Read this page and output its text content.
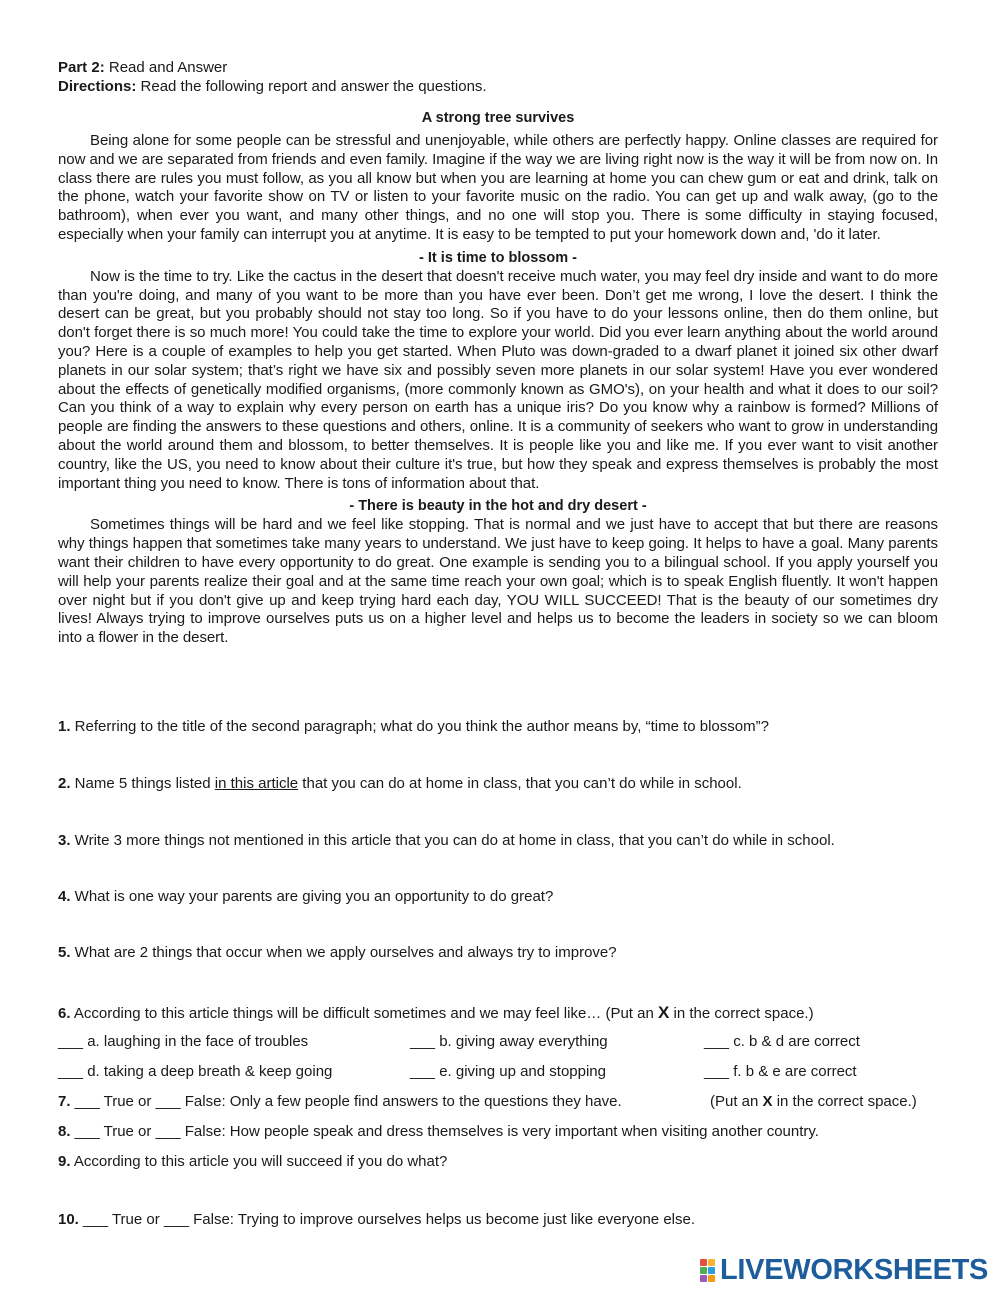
Part 2: Read and Answer

Directions: Read the following report and answer the questions.

A strong tree survives

Being alone for some people can be stressful and unenjoyable, while others are perfectly happy. Online classes are required for now and we are separated from friends and even family. Imagine if the way we are living right now is the way it will be from now on. In class there are rules you must follow, as you all know but when you are learning at home you can chew gum or eat and drink, talk on the phone, watch your favorite show on TV or listen to your favorite music on the radio. You can get up and walk away, (go to the bathroom), when ever you want, and many other things, and no one will stop you. There is some difficulty in staying focused, especially when your family can interrupt you at anytime. It is easy to be tempted to put your homework down and, 'do it later.

- It is time to blossom -

Now is the time to try. Like the cactus in the desert that doesn't receive much water, you may feel dry inside and want to do more than you're doing, and many of you want to be more than you have ever been. Don’t get me wrong, I love the desert. I think the desert can be great, but you probably should not stay too long. So if you have to do your lessons online, then do them online, but don't forget there is so much more! You could take the time to explore your world. Did you ever learn anything about the world around you? Here is a couple of examples to help you get started. When Pluto was down-graded to a dwarf planet it joined six other dwarf planets in our solar system; that’s right we have six and possibly seven more planets in our solar system! Have you ever wondered about the effects of genetically modified organisms, (more commonly known as GMO's), on your health and what it does to our soil? Can you think of a way to explain why every person on earth has a unique iris? Do you know why a rainbow is formed? Millions of people are finding the answers to these questions and others, online. It is a community of seekers who want to grow in understanding about the world around them and blossom, to better themselves. It is people like you and like me. If you ever want to visit another country, like the US, you need to know about their culture it's true, but how they speak and express themselves is probably the most important thing you need to know. There is tons of information about that.

- There is beauty in the hot and dry desert -

Sometimes things will be hard and we feel like stopping. That is normal and we just have to accept that but there are reasons why things happen that sometimes take many years to understand. We just have to keep going. It helps to have a goal. Many parents want their children to have every opportunity to do great. One example is sending you to a bilingual school. If you apply yourself you will help your parents realize their goal and at the same time reach your own goal; which is to speak English fluently. It won't happen over night but if you don't give up and keep trying hard each day, YOU WILL SUCCEED! That is the beauty of our sometimes dry lives! Always trying to improve ourselves puts us on a higher level and helps us to become the leaders in society so we can bloom into a flower in the desert.

1. Referring to the title of the second paragraph; what do you think the author means by, “time to blossom”?

2. Name 5 things listed in this article that you can do at home in class, that you can’t do while in school.

3. Write 3 more things not mentioned in this article that you can do at home in class, that you can’t do while in school.

4. What is one way your parents are giving you an opportunity to do great?

5. What are 2 things that occur when we apply ourselves and always try to improve?

6. According to this article things will be difficult sometimes and we may feel like… (Put an X in the correct space.)

___ a. laughing in the face of troubles	___ b. giving away everything	___ c. b & d are correct
___ d. taking a deep breath & keep going	___ e. giving up and stopping	___ f. b & e are correct

7. ___ True or ___ False: Only a few people find answers to the questions they have.	(Put an X in the correct space.)

8. ___ True or ___ False: How people speak and dress themselves is very important when visiting another country.

9. According to this article you will succeed if you do what?

10. ___ True or ___ False: Trying to improve ourselves helps us become just like everyone else.

LIVEWORKSHEETS
